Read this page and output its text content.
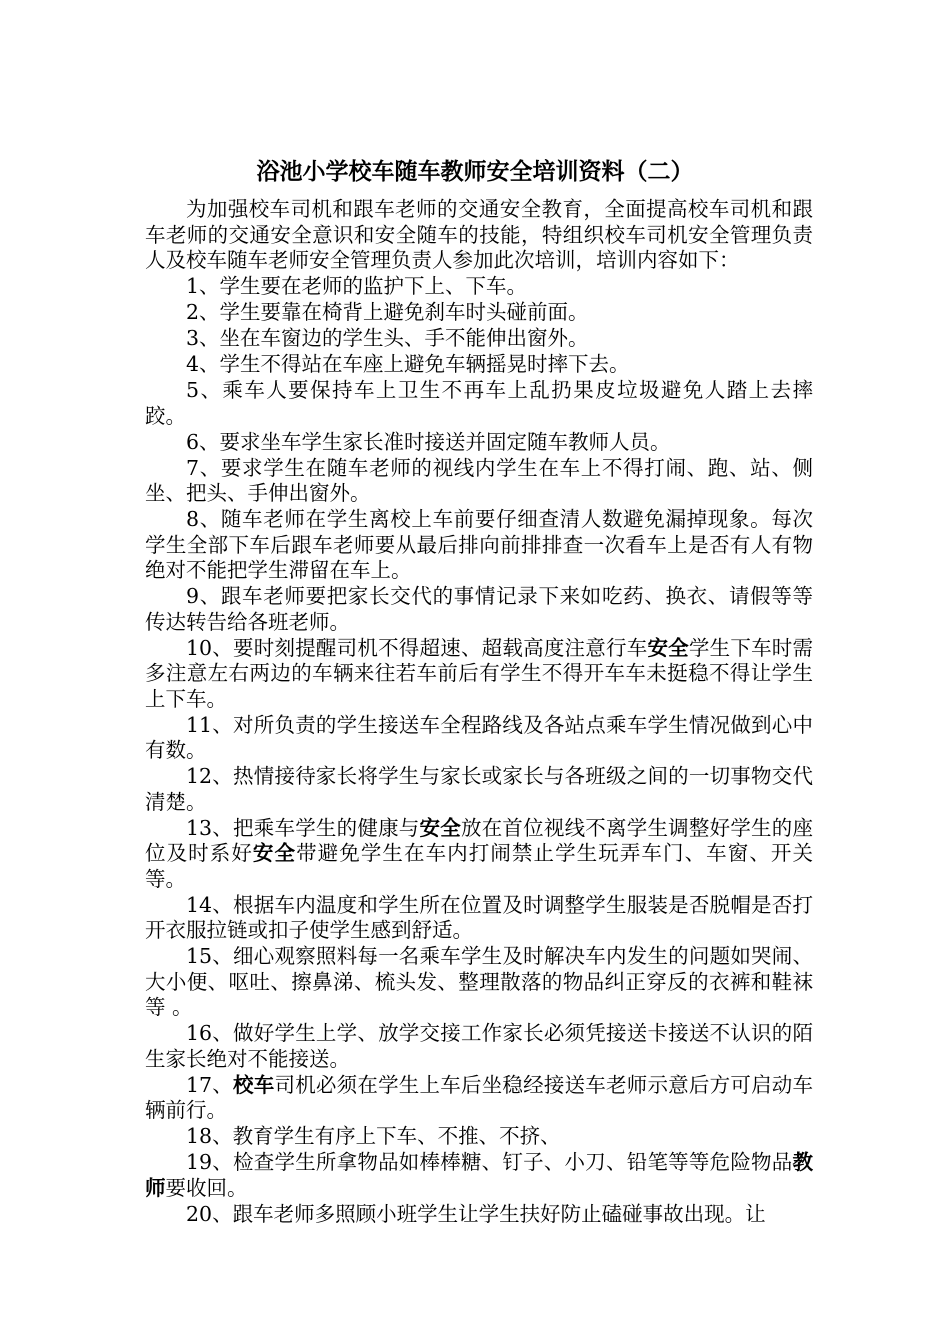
浴池小学校车随车教师安全培训资料（二）

为加强校车司机和跟车老师的交通安全教育，全面提高校车司机和跟车老师的交通安全意识和安全随车的技能，特组织校车司机安全管理负责人及校车随车老师安全管理负责人参加此次培训，培训内容如下：

1、学生要在老师的监护下上、下车。

2、学生要靠在椅背上避免刹车时头碰前面。

3、坐在车窗边的学生头、手不能伸出窗外。

4、学生不得站在车座上避免车辆摇晃时摔下去。

5、乘车人要保持车上卫生不再车上乱扔果皮垃圾避免人踏上去摔跤。

6、要求坐车学生家长准时接送并固定随车教师人员。

7、要求学生在随车老师的视线内学生在车上不得打闹、跑、站、侧坐、把头、手伸出窗外。

8、随车老师在学生离校上车前要仔细查清人数避免漏掉现象。每次学生全部下车后跟车老师要从最后排向前排排查一次看车上是否有人有物绝对不能把学生滞留在车上。

9、跟车老师要把家长交代的事情记录下来如吃药、换衣、请假等等传达转告给各班老师。

10、要时刻提醒司机不得超速、超载高度注意行车安全学生下车时需多注意左右两边的车辆来往若车前后有学生不得开车车未挺稳不得让学生上下车。

11、对所负责的学生接送车全程路线及各站点乘车学生情况做到心中有数。

12、热情接待家长将学生与家长或家长与各班级之间的一切事物交代清楚。

13、把乘车学生的健康与安全放在首位视线不离学生调整好学生的座位及时系好安全带避免学生在车内打闹禁止学生玩弄车门、车窗、开关等。

14、根据车内温度和学生所在位置及时调整学生服装是否脱帽是否打开衣服拉链或扣子使学生感到舒适。

15、细心观察照料每一名乘车学生及时解决车内发生的问题如哭闹、大小便、呕吐、擦鼻涕、梳头发、整理散落的物品纠正穿反的衣裤和鞋袜等 。

16、做好学生上学、放学交接工作家长必须凭接送卡接送不认识的陌生家长绝对不能接送。

17、校车司机必须在学生上车后坐稳经接送车老师示意后方可启动车辆前行。

18、教育学生有序上下车、不推、不挤、

19、检查学生所拿物品如棒棒糖、钉子、小刀、铅笔等等危险物品教师要收回。

20、跟车老师多照顾小班学生让学生扶好防止磕碰事故出现。让
